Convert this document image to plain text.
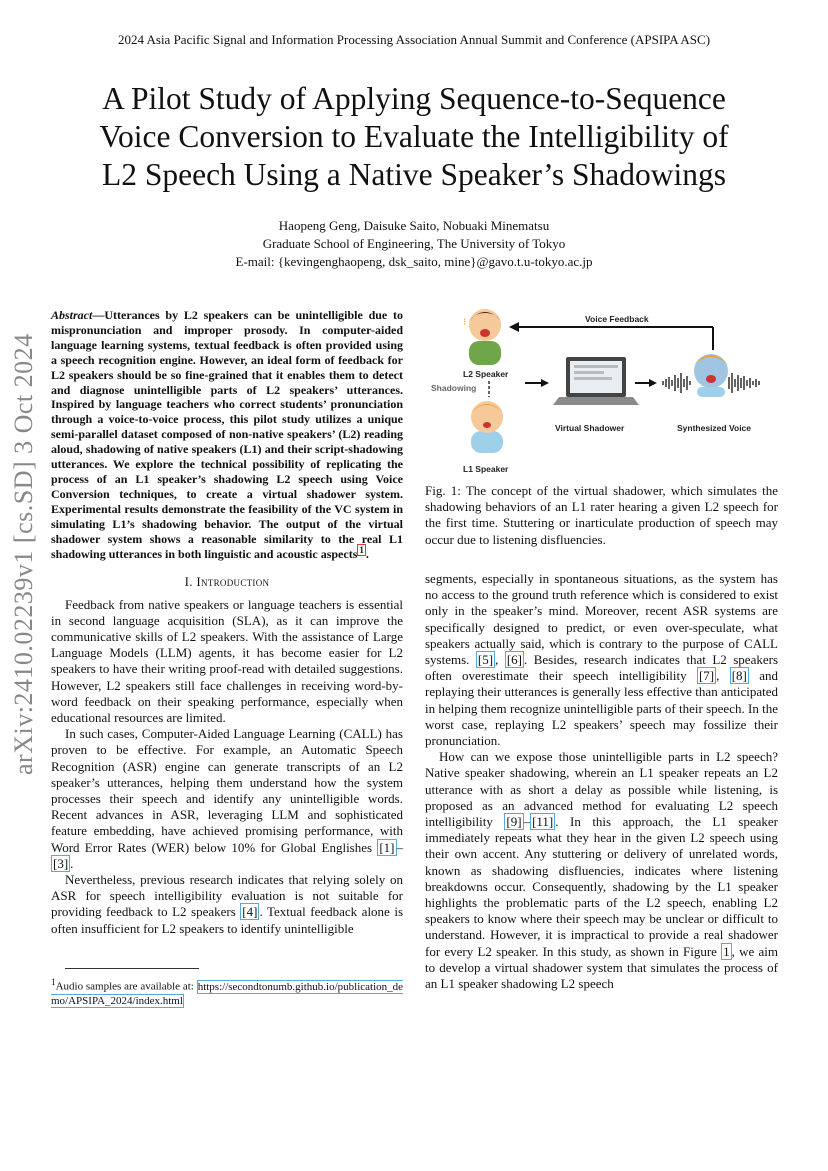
2024 Asia Pacific Signal and Information Processing Association Annual Summit and Conference (APSIPA ASC)
A Pilot Study of Applying Sequence-to-Sequence
Voice Conversion to Evaluate the Intelligibility of
L2 Speech Using a Native Speaker’s Shadowings
Haopeng Geng, Daisuke Saito, Nobuaki Minematsu
Graduate School of Engineering, The University of Tokyo
E-mail: {kevingenghaopeng, dsk_saito, mine}@gavo.t.u-tokyo.ac.jp
arXiv:2410.02239v1 [cs.SD] 3 Oct 2024

Abstract—Utterances by L2 speakers can be unintelligible due to mispronunciation and improper prosody. In computer-aided language learning systems, textual feedback is often provided using a speech recognition engine. However, an ideal form of feedback for L2 speakers should be so fine-grained that it enables them to detect and diagnose unintelligible parts of L2 speakers’ utterances. Inspired by language teachers who correct students’ pronunciation through a voice-to-voice process, this pilot study utilizes a unique semi-parallel dataset composed of non-native speakers’ (L2) reading aloud, shadowing of native speakers (L1) and their script-shadowing utterances. We explore the technical possibility of replicating the process of an L1 speaker’s shadowing L2 speech using Voice Conversion techniques, to create a virtual shadower system. Experimental results demonstrate the feasibility of the VC system in simulating L1’s shadowing behavior. The output of the virtual shadower system shows a reasonable similarity to the real L1 shadowing utterances in both linguistic and acoustic aspects $^1$ .

I. Introduction

Feedback from native speakers or language teachers is essential in second language acquisition (SLA), as it can improve the communicative skills of L2 speakers. With the assistance of Large Language Models (LLM) agents, it has become easier for L2 speakers to have their writing proof-read with detailed suggestions. However, L2 speakers still face challenges in receiving word-by-word feedback on their speaking performance, especially when educational resources are limited.

In such cases, Computer-Aided Language Learning (CALL) has proven to be effective. For example, an Automatic Speech Recognition (ASR) engine can generate transcripts of an L2 speaker’s utterances, helping them understand how the system processes their speech and identify any unintelligible words. Recent advances in ASR, leveraging LLM and sophisticated feature embedding, have achieved promising performance, with Word Error Rates (WER) below 10% for Global Englishes [1] –[3] .

Nevertheless, previous research indicates that relying solely on ASR for speech intelligibility evaluation is not suitable for providing feedback to L2 speakers [4] . Textual feedback alone is often insufficient for L2 speakers to identify unintelligible

$^1$Audio samples are available at: https://secondtonumb.github.io/publication_demo/APSIPA_2024/index.html
Voice Feedback
⁝
L2 Speaker
Shadowing
L1 Speaker
Virtual Shadower	Synthesized Voice
Fig. 1: The concept of the virtual shadower, which simulates the shadowing behaviors of an L1 rater hearing a given L2 speech for the first time. Stuttering or inarticulate production of speech may occur due to listening disfluencies.

segments, especially in spontaneous situations, as the system has no access to the ground truth reference which is considered to exist only in the speaker’s mind. Moreover, recent ASR systems are specifically designed to predict, or even over-speculate, what speakers actually said, which is contrary to the purpose of CALL systems. [5] , [6] . Besides, research indicates that L2 speakers often overestimate their speech intelligibility [7] , [8] and replaying their utterances is generally less effective than anticipated in helping them recognize unintelligible parts of their speech. In the worst case, replaying L2 speakers’ speech may fossilize their pronunciation.

How can we expose those unintelligible parts in L2 speech? Native speaker shadowing, wherein an L1 speaker repeats an L2 utterance with as short a delay as possible while listening, is proposed as an advanced method for evaluating L2 speech intelligibility [9] – [11] . In this approach, the L1 speaker immediately repeats what they hear in the given L2 speech using their own accent. Any stuttering or delivery of unrelated words, known as shadowing disfluencies, indicates where listening breakdowns occur. Consequently, shadowing by the L1 speaker highlights the problematic parts of the L2 speech, enabling L2 speakers to know where their speech may be unclear or difficult to understand. However, it is impractical to provide a real shadower for every L2 speaker. In this study, as shown in Figure 1 , we aim to develop a virtual shadower system that simulates the process of an L1 speaker shadowing L2 speech
